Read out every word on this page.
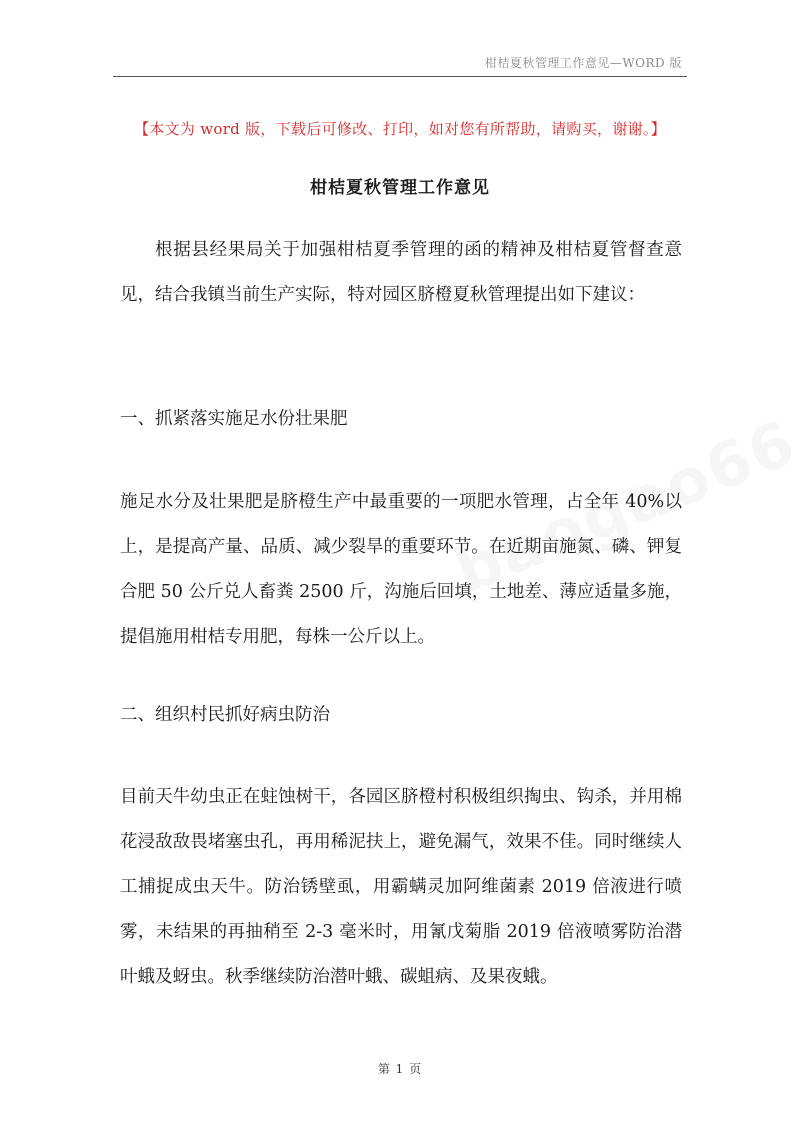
柑桔夏秋管理工作意见—WORD 版
【本文为 word 版，下载后可修改、打印，如对您有所帮助，请购买，谢谢。】
柑桔夏秋管理工作意见

根据县经果局关于加强柑桔夏季管理的函的精神及柑桔夏管督查意见，结合我镇当前生产实际，特对园区脐橙夏秋管理提出如下建议：

一、抓紧落实施足水份壮果肥

施足水分及壮果肥是脐橙生产中最重要的一项肥水管理，占全年 40%以上，是提高产量、品质、减少裂旱的重要环节。在近期亩施氮、磷、钾复合肥 50 公斤兑人畜粪 2500 斤，沟施后回填，土地差、薄应适量多施，提倡施用柑桔专用肥，每株一公斤以上。

二、组织村民抓好病虫防治

目前天牛幼虫正在蛀蚀树干，各园区脐橙村积极组织掏虫、钩杀，并用棉花浸敌敌畏堵塞虫孔，再用稀泥扶上，避免漏气，效果不佳。同时继续人工捕捉成虫天牛。防治锈壁虱，用霸螨灵加阿维菌素 2019 倍液进行喷雾，未结果的再抽稍至 2-3 毫米时，用氰戊菊脂 2019 倍液喷雾防治潜叶蛾及蚜虫。秋季继续防治潜叶蛾、碳蛆病、及果夜蛾。

第 1 页
